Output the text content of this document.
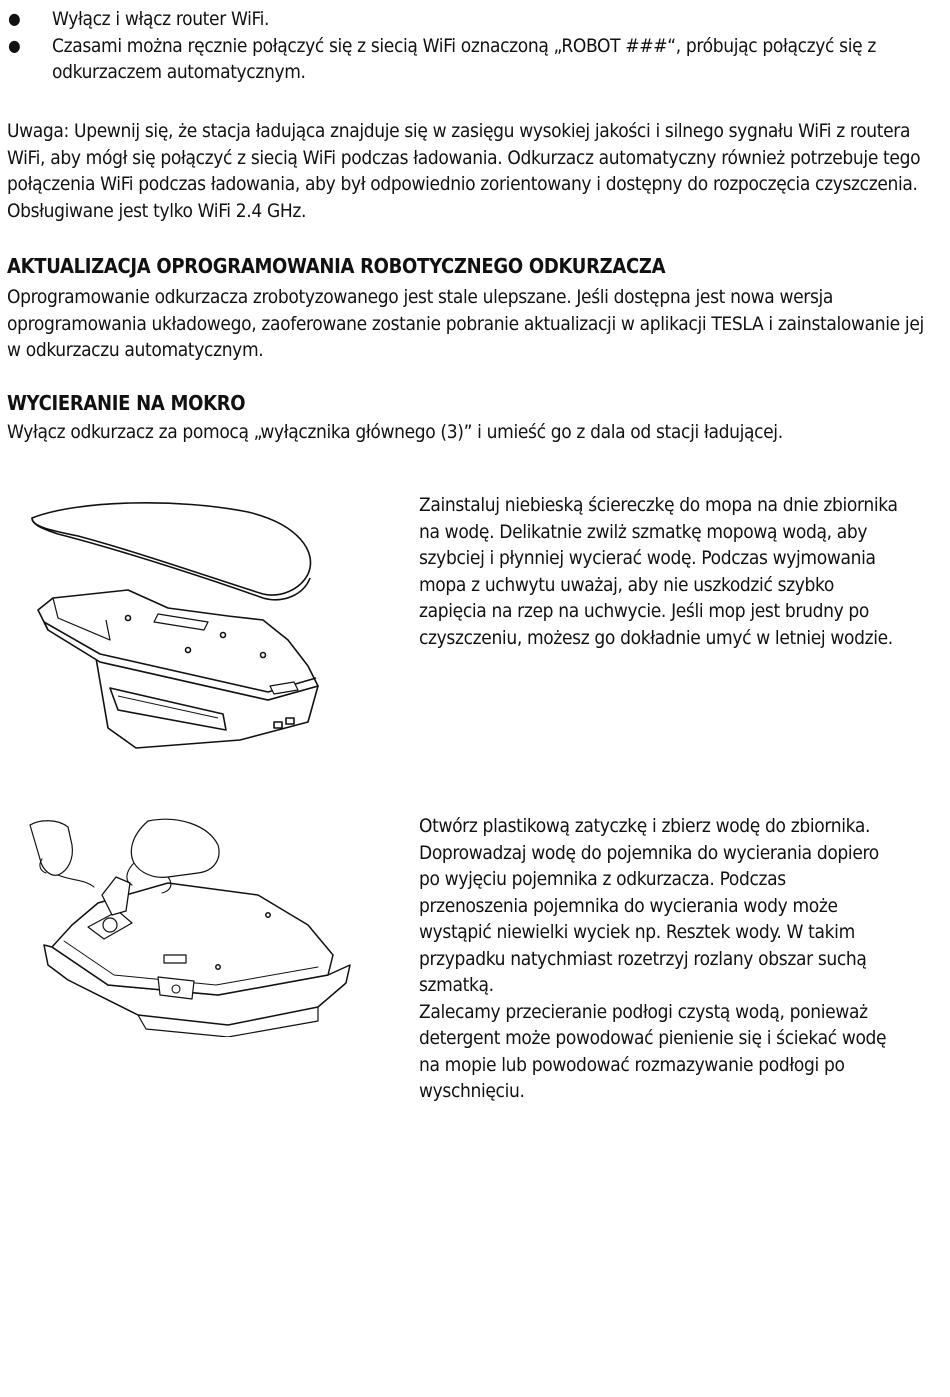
● Wyłącz i włącz router WiFi.
● Czasami można ręcznie połączyć się z siecią WiFi oznaczoną „ROBOT ###“, próbując połączyć się z odkurzaczem automatycznym.

Uwaga: Upewnij się, że stacja ładująca znajduje się w zasięgu wysokiej jakości i silnego sygnału WiFi z routera WiFi, aby mógł się połączyć z siecią WiFi podczas ładowania. Odkurzacz automatyczny również potrzebuje tego połączenia WiFi podczas ładowania, aby był odpowiednio zorientowany i dostępny do rozpoczęcia czyszczenia. Obsługiwane jest tylko WiFi 2.4 GHz.

AKTUALIZACJA OPROGRAMOWANIA ROBOTYCZNEGO ODKURZACZA

Oprogramowanie odkurzacza zrobotyzowanego jest stale ulepszane. Jeśli dostępna jest nowa wersja oprogramowania układowego, zaoferowane zostanie pobranie aktualizacji w aplikacji TESLA i zainstalowanie jej w odkurzaczu automatycznym.

WYCIERANIE NA MOKRO

Wyłącz odkurzacz za pomocą „wyłącznika głównego (3)” i umieść go z dala od stacji ładującej.

Zainstaluj niebieską ściereczkę do mopa na dnie zbiornika na wodę. Delikatnie zwilż szmatkę mopową wodą, aby szybciej i płynniej wycierać wodę. Podczas wyjmowania mopa z uchwytu uważaj, aby nie uszkodzić szybko zapięcia na rzep na uchwycie. Jeśli mop jest brudny po czyszczeniu, możesz go dokładnie umyć w letniej wodzie.

Otwórz plastikową zatyczkę i zbierz wodę do zbiornika. Doprowadzaj wodę do pojemnika do wycierania dopiero po wyjęciu pojemnika z odkurzacza. Podczas przenoszenia pojemnika do wycierania wody może wystąpić niewielki wyciek np. Resztek wody. W takim przypadku natychmiast rozetrzyj rozlany obszar suchą szmatką.

Zalecamy przecieranie podłogi czystą wodą, ponieważ detergent może powodować pienienie się i ściekać wodę na mopie lub powodować rozmazywanie podłogi po wyschnięciu.
